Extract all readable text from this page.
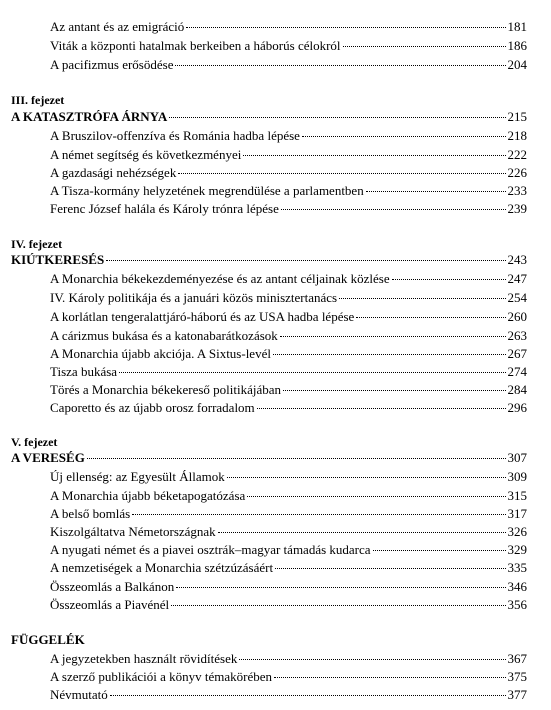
Az antant és az emigráció	181
Viták a központi hatalmak berkeiben a háborús célokról	186
A pacifizmus erősödése	204
III. fejezet
A KATASZTRÓFA ÁRNYA	215
A Bruszilov-offenzíva és Románia hadba lépése	218
A német segítség és következményei	222
A gazdasági nehézségek	226
A Tisza-kormány helyzetének megrendülése a parlamentben	233
Ferenc József halála és Károly trónra lépése	239
IV. fejezet
KIÚTKERESÉS	243
A Monarchia békekezdeményezése és az antant céljainak közlése	247
IV. Károly politikája és a januári közös minisztertanács	254
A korlátlan tengeralattjáró-háború és az USA hadba lépése	260
A cárizmus bukása és a katonabarátkozások	263
A Monarchia újabb akciója. A Sixtus-levél	267
Tisza bukása	274
Törés a Monarchia békekereső politikájában	284
Caporetto és az újabb orosz forradalom	296
V. fejezet
A VERESÉG	307
Új ellenség: az Egyesült Államok	309
A Monarchia újabb béketapogatózása	315
A belső bomlás	317
Kiszolgáltatva Németországnak	326
A nyugati német és a piavei osztrák–magyar támadás kudarca	329
A nemzetiségek a Monarchia szétzúzásáért	335
Összeomlás a Balkánon	346
Összeomlás a Piavénél	356
FÜGGELÉK
A jegyzetekben használt rövidítések	367
A szerző publikációi a könyv témakörében	375
Névmutató	377
